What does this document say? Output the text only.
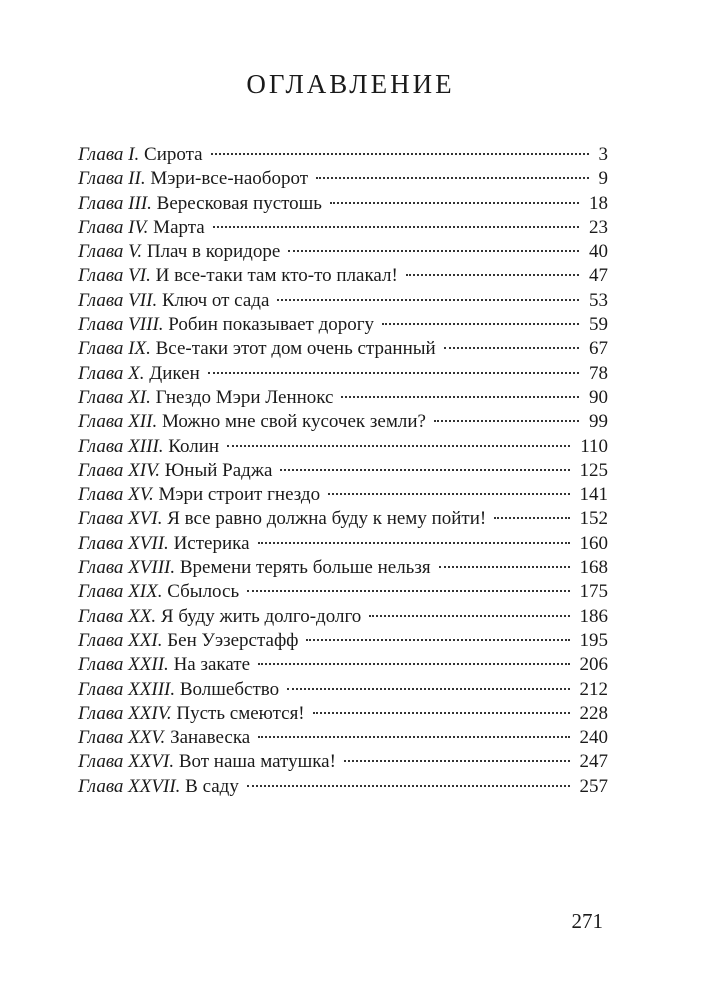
ОГЛАВЛЕНИЕ
Глава I. Сирота	3
Глава II. Мэри-все-наоборот	9
Глава III. Вересковая пустошь	18
Глава IV. Марта	23
Глава V. Плач в коридоре	40
Глава VI. И все-таки там кто-то плакал!	47
Глава VII. Ключ от сада	53
Глава VIII. Робин показывает дорогу	59
Глава IX. Все-таки этот дом очень странный	67
Глава X. Дикен	78
Глава XI. Гнездо Мэри Леннокс	90
Глава XII. Можно мне свой кусочек земли?	99
Глава XIII. Колин	110
Глава XIV. Юный Раджа	125
Глава XV. Мэри строит гнездо	141
Глава XVI. Я все равно должна буду к нему пойти!	152
Глава XVII. Истерика	160
Глава XVIII. Времени терять больше нельзя	168
Глава XIX. Сбылось	175
Глава XX. Я буду жить долго-долго	186
Глава XXI. Бен Уэзерстафф	195
Глава XXII. На закате	206
Глава XXIII. Волшебство	212
Глава XXIV. Пусть смеются!	228
Глава XXV. Занавеска	240
Глава XXVI. Вот наша матушка!	247
Глава XXVII. В саду	257
271
